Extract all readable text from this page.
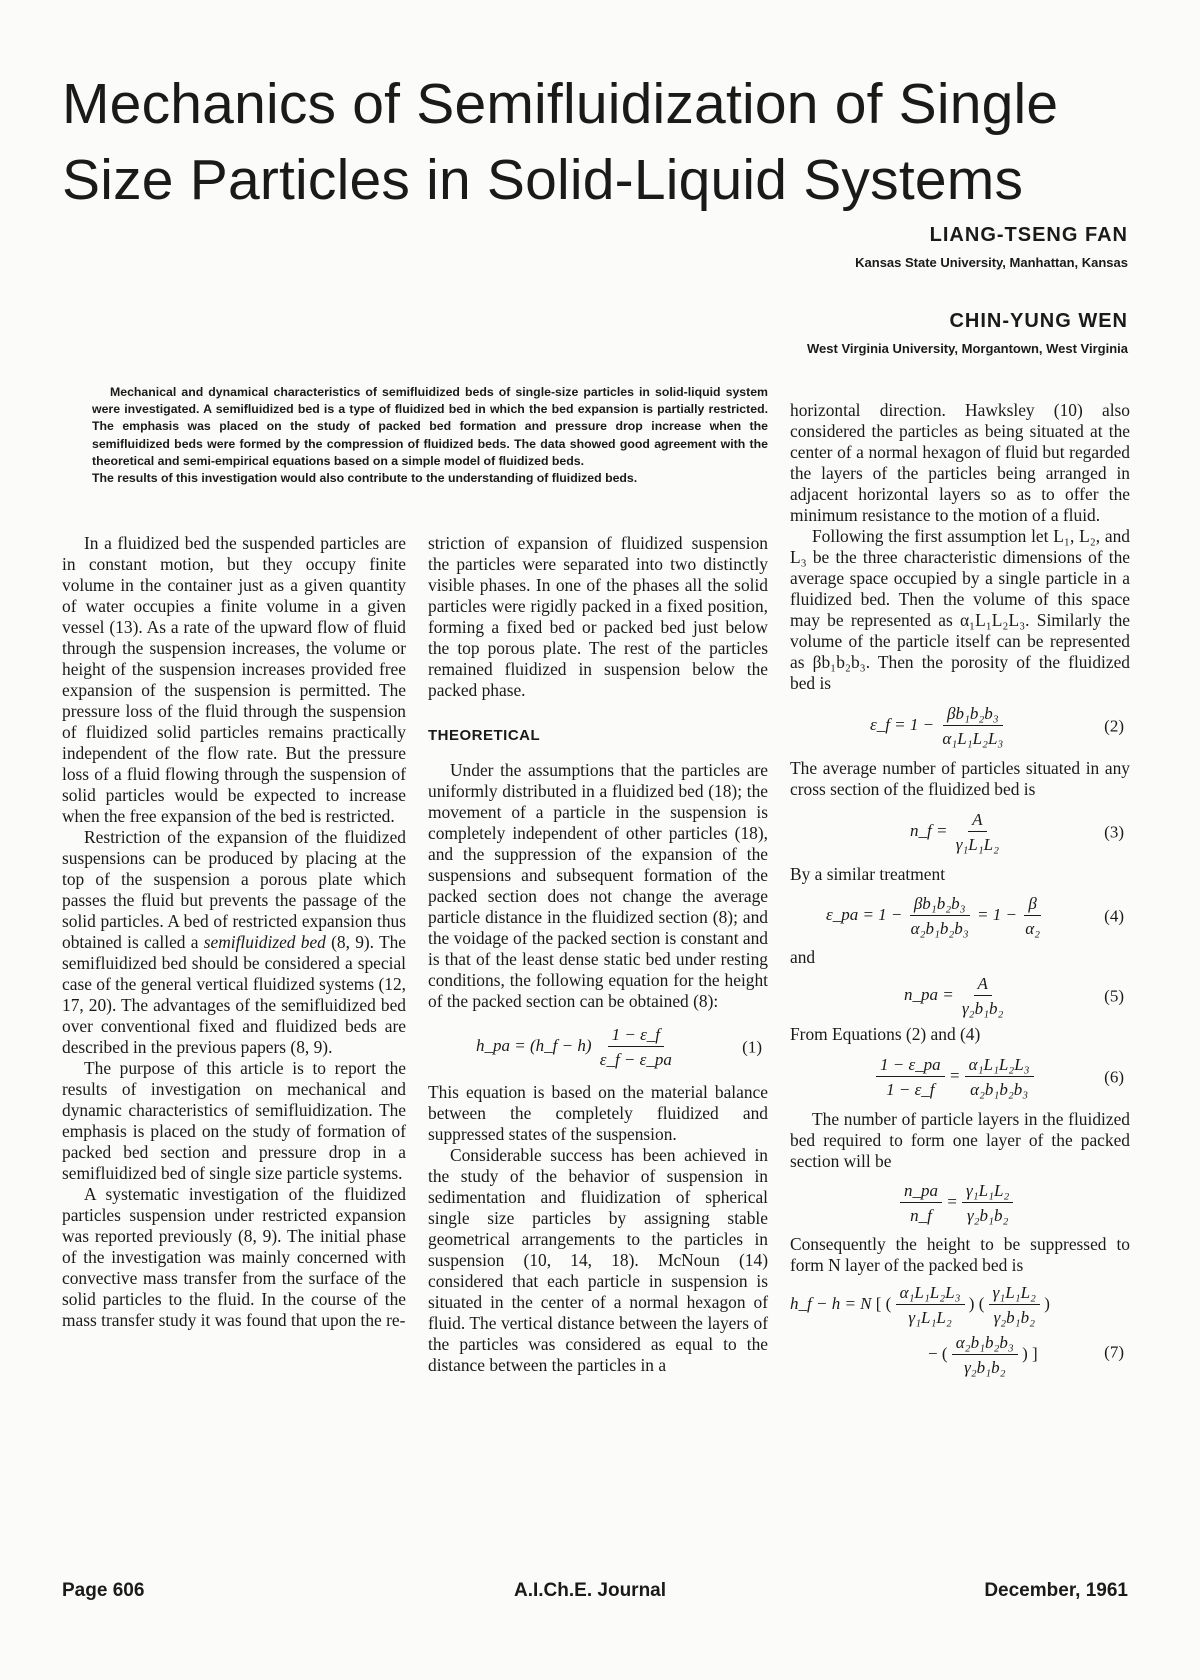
Mechanics of Semifluidization of Single Size Particles in Solid-Liquid Systems
LIANG-TSENG FAN
Kansas State University, Manhattan, Kansas
CHIN-YUNG WEN
West Virginia University, Morgantown, West Virginia
Mechanical and dynamical characteristics of semifluidized beds of single-size particles in solid-liquid system were investigated. A semifluidized bed is a type of fluidized bed in which the bed expansion is partially restricted. The emphasis was placed on the study of packed bed formation and pressure drop increase when the semifluidized beds were formed by the compression of fluidized beds. The data showed good agreement with the theoretical and semi-empirical equations based on a simple model of fluidized beds.
The results of this investigation would also contribute to the understanding of fluidized beds.

In a fluidized bed the suspended particles are in constant motion, but they occupy finite volume in the container just as a given quantity of water occupies a finite volume in a given vessel (13). As a rate of the upward flow of fluid through the suspension increases, the volume or height of the suspension increases provided free expansion of the suspension is permitted. The pressure loss of the fluid through the suspension of fluidized solid particles remains practically independent of the flow rate. But the pressure loss of a fluid flowing through the suspension of solid particles would be expected to increase when the free expansion of the bed is restricted.

Restriction of the expansion of the fluidized suspensions can be produced by placing at the top of the suspension a porous plate which passes the fluid but prevents the passage of the solid particles. A bed of restricted expansion thus obtained is called a semifluidized bed (8, 9). The semifluidized bed should be considered a special case of the general vertical fluidized systems (12, 17, 20). The advantages of the semifluidized bed over conventional fixed and fluidized beds are described in the previous papers (8, 9).

The purpose of this article is to report the results of investigation on mechanical and dynamic characteristics of semifluidization. The emphasis is placed on the study of formation of packed bed section and pressure drop in a semifluidized bed of single size particle systems.

A systematic investigation of the fluidized particles suspension under restricted expansion was reported previously (8, 9). The initial phase of the investigation was mainly concerned with convective mass transfer from the surface of the solid particles to the fluid. In the course of the mass transfer study it was found that upon the re-

striction of expansion of fluidized suspension the particles were separated into two distinctly visible phases. In one of the phases all the solid particles were rigidly packed in a fixed position, forming a fixed bed or packed bed just below the top porous plate. The rest of the particles remained fluidized in suspension below the packed phase.

THEORETICAL

Under the assumptions that the particles are uniformly distributed in a fluidized bed (18); the movement of a particle in the suspension is completely independent of other particles (18), and the suppression of the expansion of the suspensions and subsequent formation of the packed section does not change the average particle distance in the fluidized section (8); and the voidage of the packed section is constant and is that of the least dense static bed under resting conditions, the following equation for the height of the packed section can be obtained (8):

h_pa = (h_f − $h) \frac{1 - \varepsilon\_f}{\varepsilon\_f - \varepsilon\_pa}$	(1)

This equation is based on the material balance between the completely fluidized and suppressed states of the suspension.

Considerable success has been achieved in the study of the behavior of suspension in sedimentation and fluidization of spherical single size particles by assigning stable geometrical arrangements to the particles in suspension (10, 14, 18). McNoun (14) considered that each particle in suspension is situated in the center of a normal hexagon of fluid. The vertical distance between the layers of the particles was considered as equal to the distance between the particles in a

horizontal direction. Hawksley (10) also considered the particles as being situated at the center of a normal hexagon of fluid but regarded the layers of the particles being arranged in adjacent horizontal layers so as to offer the minimum resistance to the motion of a fluid.

Following the first assumption let L₁, L₂, and L₃ be the three characteristic dimensions of the average space occupied by a single particle in a fluidized bed. Then the volume of this space may be represented as α₁L₁L₂L₃. Similarly the volume of the particle itself can be represented as βb₁b₂b₃. Then the porosity of the fluidized bed is

ε_f = $1 - \frac{\text{βb₁b₂b₃}}{\text{α₁L₁L₂L₃}}$	(2)

The average number of particles situated in any cross section of the fluidized bed is

n_f = $\frac{A}{\text{γ₁L₁L₂}}$	(3)

By a similar treatment

ε_pa = $1 - \frac{\text{βb₁b₂b₃}}{\text{α₂b₁b₂b₃}} = 1 - \frac{\beta}{\text{α₂}}$	(4)

and

n_pa = $\frac{A}{\text{γ₂b₁b₂}}$	(5)

From Equations (2) and (4)

$\frac{1 - \varepsilon\_pa}{1 - \varepsilon\_f} = \frac{\text{α₁L₁L₂L₃}}{\text{α₂b₁b₂b₃}}$	(6)

The number of particle layers in the fluidized bed required to form one layer of the packed section will be

$\frac{n\_pa}{n\_f} = \frac{\text{γ₁L₁L₂}}{\text{γ₂b₁b₂}}$

Consequently the height to be suppressed to form N layer of the packed bed is

h_f − h = N [ ( $\frac{\text{α₁L₁L₂L₃}}{\text{γ₁L₁L₂}}$ ) ( $\frac{\text{γ₁L₁L₂}}{\text{γ₂b₁b₂}}$ )
− ( $\frac{\text{α₂b₁b₂b₃}}{\text{γ₂b₁b₂}}$ ) ]	(7)
Page 606	A.I.Ch.E. Journal	December, 1961
